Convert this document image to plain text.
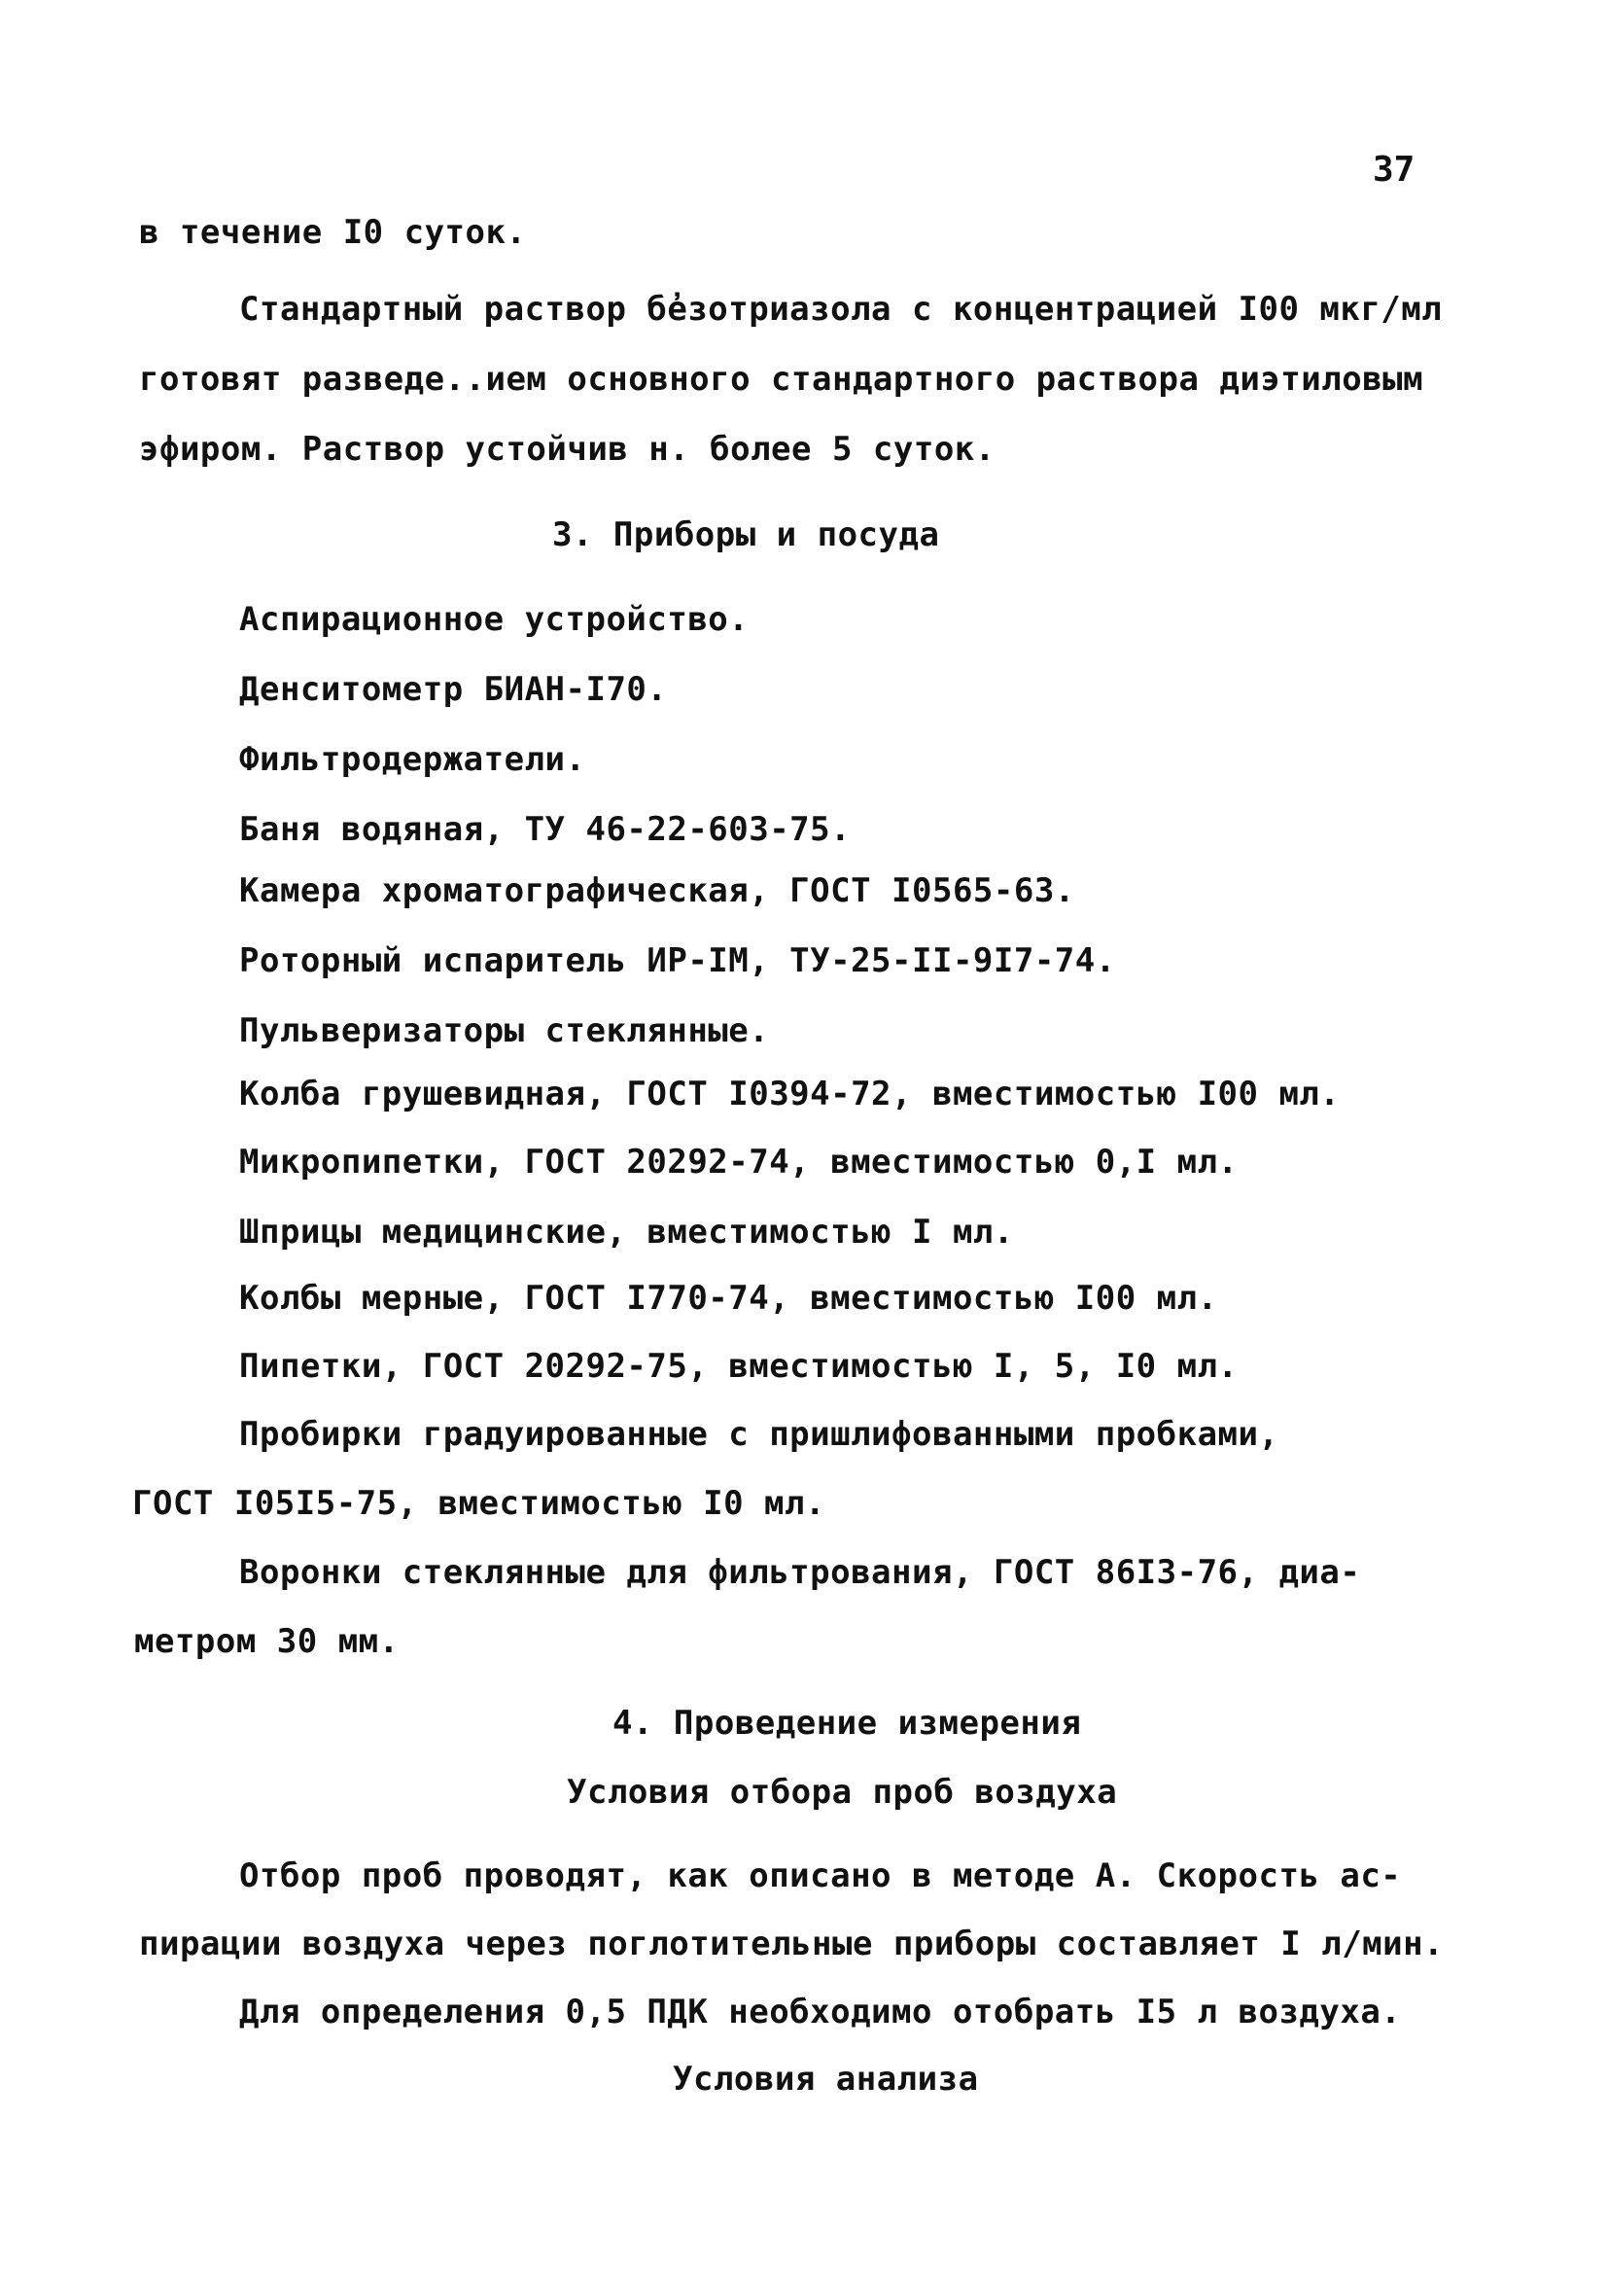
37
в течение I0 суток.
Стандартный раствор бе̓зотриазола с концентрацией I00 мкг/мл
готовят разведе..ием основного стандартного раствора диэтиловым
эфиром. Раствор устойчив н. более 5 суток.
3. Приборы и посуда
Аспирационное устройство.
Денситометр БИАН-I70.
Фильтродержатели.
Баня водяная, ТУ 46-22-603-75.
Камера хроматографическая, ГОСТ I0565-63.
Роторный испаритель ИР-IМ, ТУ-25-II-9I7-74.
Пульверизаторы стеклянные.
Колба грушевидная, ГОСТ I0394-72, вместимостью I00 мл.
Микропипетки, ГОСТ 20292-74, вместимостью 0,I мл.
Шприцы медицинские, вместимостью I мл.
Колбы мерные, ГОСТ I770-74, вместимостью I00 мл.
Пипетки, ГОСТ 20292-75, вместимостью I, 5, I0 мл.
Пробирки градуированные с пришлифованными пробками,
ГОСТ I05I5-75, вместимостью I0 мл.
Воронки стеклянные для фильтрования, ГОСТ 86I3-76, диа-
метром 30 мм.
4. Проведение измерения
Условия отбора проб воздуха
Отбор проб проводят, как описано в методе А. Скорость ас-
пирации воздуха через поглотительные приборы составляет I л/мин.
Для определения 0,5 ПДК необходимо отобрать I5 л воздуха.
Условия анализа
